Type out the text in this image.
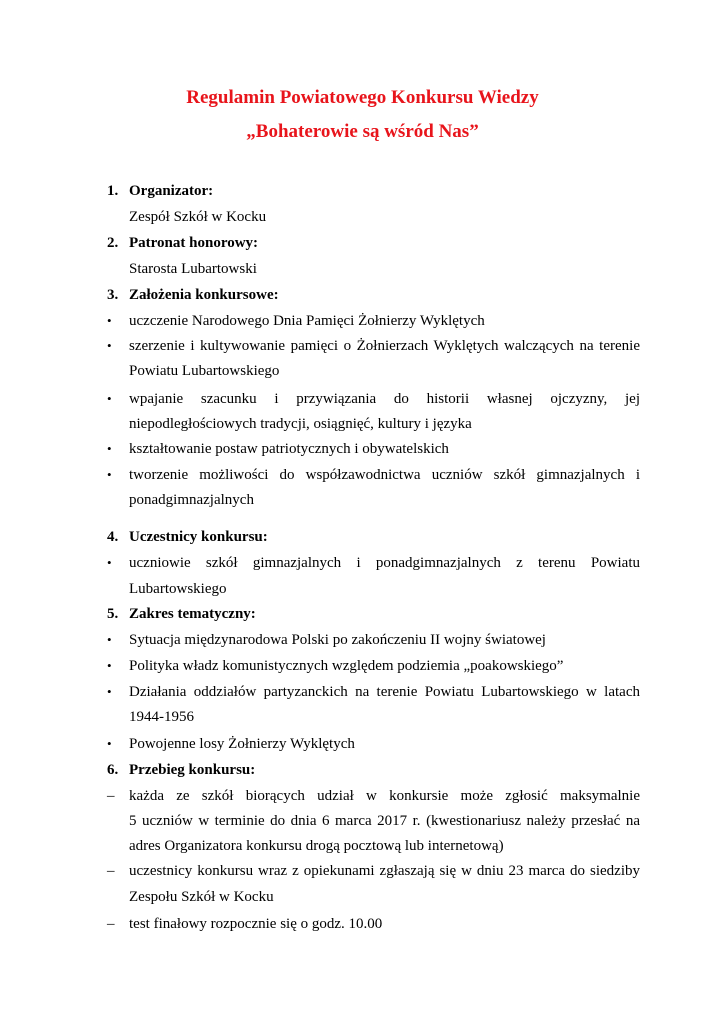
Regulamin Powiatowego Konkursu Wiedzy
„Bohaterowie są wśród Nas”
1. Organizator:
Zespół Szkół w Kocku
2. Patronat honorowy:
Starosta Lubartowski
3. Założenia konkursowe:
• uczczenie Narodowego Dnia Pamięci Żołnierzy Wyklętych
• szerzenie i kultywowanie pamięci o Żołnierzach Wyklętych walczących na terenie
Powiatu Lubartowskiego
• wpajanie szacunku i przywiązania do historii własnej ojczyzny, jej
niepodległościowych tradycji, osiągnięć, kultury i języka
• kształtowanie postaw patriotycznych i obywatelskich
• tworzenie możliwości do współzawodnictwa uczniów szkół gimnazjalnych i
ponadgimnazjalnych
4. Uczestnicy konkursu:
• uczniowie szkół gimnazjalnych i ponadgimnazjalnych z terenu Powiatu
Lubartowskiego
5. Zakres tematyczny:
• Sytuacja międzynarodowa Polski po zakończeniu II wojny światowej
• Polityka władz komunistycznych względem podziemia „poakowskiego”
• Działania oddziałów partyzanckich na terenie Powiatu Lubartowskiego w latach
1944-1956
• Powojenne losy Żołnierzy Wyklętych
6. Przebieg konkursu:
– każda ze szkół biorących udział w konkursie może zgłosić maksymalnie
5 uczniów w terminie do dnia 6 marca 2017 r. (kwestionariusz należy przesłać na
adres Organizatora konkursu drogą pocztową lub internetową)
– uczestnicy konkursu wraz z opiekunami zgłaszają się w dniu 23 marca do siedziby
Zespołu Szkół w Kocku
– test finałowy rozpocznie się o godz. 10.00
